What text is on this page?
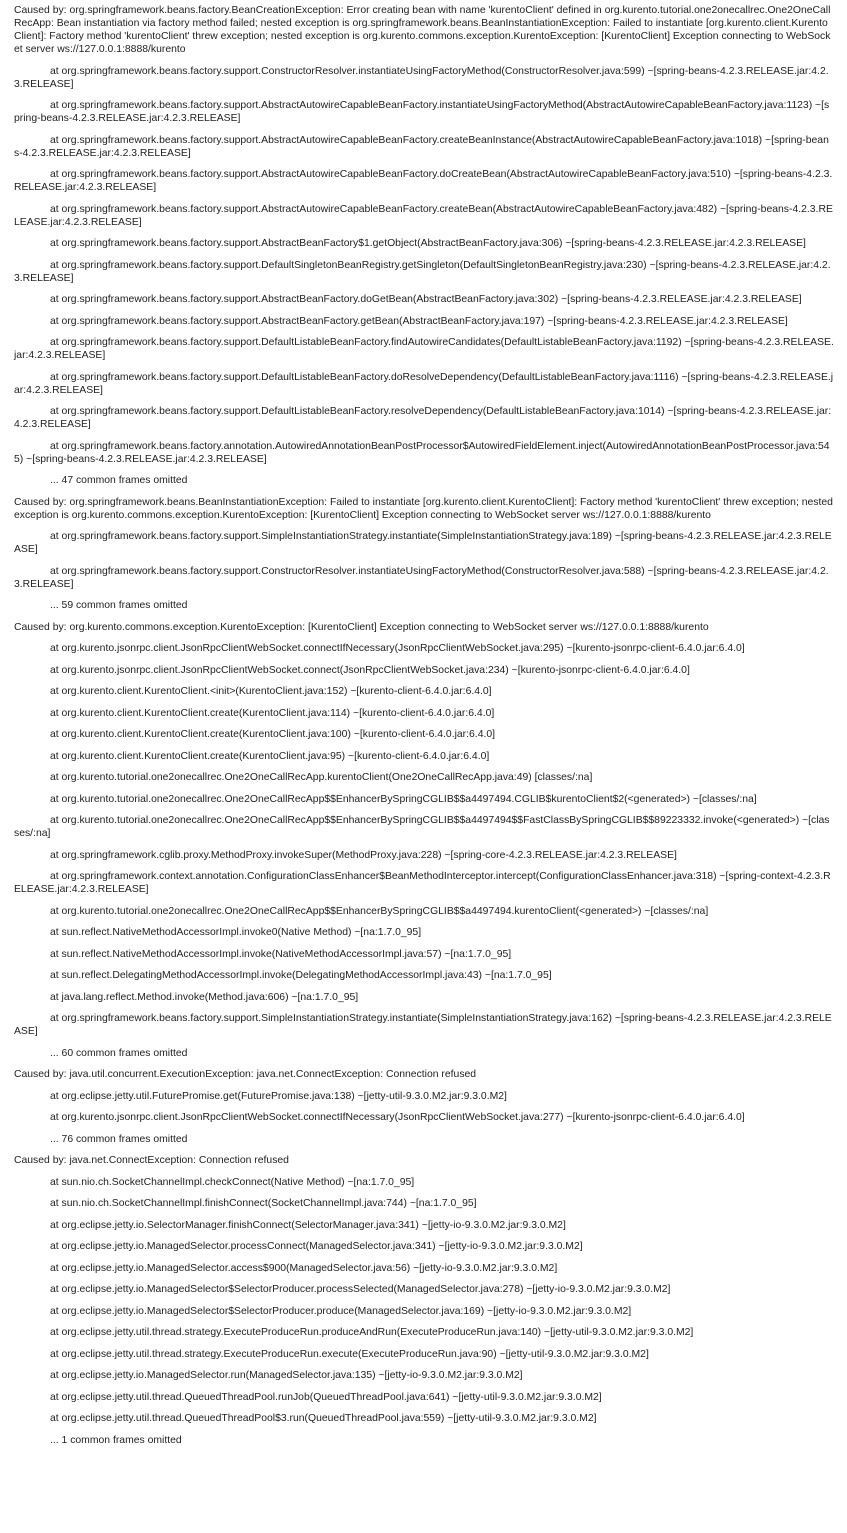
Caused by: org.springframework.beans.factory.BeanCreationException: Error creating bean with name 'kurentoClient' defined in org.kurento.tutorial.one2onecallrec.One2OneCallRecApp: Bean instantiation via factory method failed; nested exception is org.springframework.beans.BeanInstantiationException: Failed to instantiate [org.kurento.client.KurentoClient]: Factory method 'kurentoClient' threw exception; nested exception is org.kurento.commons.exception.KurentoException: [KurentoClient] Exception connecting to WebSocket server ws://127.0.0.1:8888/kurento

at org.springframework.beans.factory.support.ConstructorResolver.instantiateUsingFactoryMethod(ConstructorResolver.java:599) ~[spring-beans-4.2.3.RELEASE.jar:4.2.3.RELEASE]

at org.springframework.beans.factory.support.AbstractAutowireCapableBeanFactory.instantiateUsingFactoryMethod(AbstractAutowireCapableBeanFactory.java:1123) ~[spring-beans-4.2.3.RELEASE.jar:4.2.3.RELEASE]

at org.springframework.beans.factory.support.AbstractAutowireCapableBeanFactory.createBeanInstance(AbstractAutowireCapableBeanFactory.java:1018) ~[spring-beans-4.2.3.RELEASE.jar:4.2.3.RELEASE]

at org.springframework.beans.factory.support.AbstractAutowireCapableBeanFactory.doCreateBean(AbstractAutowireCapableBeanFactory.java:510) ~[spring-beans-4.2.3.RELEASE.jar:4.2.3.RELEASE]

at org.springframework.beans.factory.support.AbstractAutowireCapableBeanFactory.createBean(AbstractAutowireCapableBeanFactory.java:482) ~[spring-beans-4.2.3.RELEASE.jar:4.2.3.RELEASE]

at org.springframework.beans.factory.support.AbstractBeanFactory$1.getObject(AbstractBeanFactory.java:306) ~[spring-beans-4.2.3.RELEASE.jar:4.2.3.RELEASE]

at org.springframework.beans.factory.support.DefaultSingletonBeanRegistry.getSingleton(DefaultSingletonBeanRegistry.java:230) ~[spring-beans-4.2.3.RELEASE.jar:4.2.3.RELEASE]

at org.springframework.beans.factory.support.AbstractBeanFactory.doGetBean(AbstractBeanFactory.java:302) ~[spring-beans-4.2.3.RELEASE.jar:4.2.3.RELEASE]

at org.springframework.beans.factory.support.AbstractBeanFactory.getBean(AbstractBeanFactory.java:197) ~[spring-beans-4.2.3.RELEASE.jar:4.2.3.RELEASE]

at org.springframework.beans.factory.support.DefaultListableBeanFactory.findAutowireCandidates(DefaultListableBeanFactory.java:1192) ~[spring-beans-4.2.3.RELEASE.jar:4.2.3.RELEASE]

at org.springframework.beans.factory.support.DefaultListableBeanFactory.doResolveDependency(DefaultListableBeanFactory.java:1116) ~[spring-beans-4.2.3.RELEASE.jar:4.2.3.RELEASE]

at org.springframework.beans.factory.support.DefaultListableBeanFactory.resolveDependency(DefaultListableBeanFactory.java:1014) ~[spring-beans-4.2.3.RELEASE.jar:4.2.3.RELEASE]

at org.springframework.beans.factory.annotation.AutowiredAnnotationBeanPostProcessor$AutowiredFieldElement.inject(AutowiredAnnotationBeanPostProcessor.java:545) ~[spring-beans-4.2.3.RELEASE.jar:4.2.3.RELEASE]

... 47 common frames omitted

Caused by: org.springframework.beans.BeanInstantiationException: Failed to instantiate [org.kurento.client.KurentoClient]: Factory method 'kurentoClient' threw exception; nested exception is org.kurento.commons.exception.KurentoException: [KurentoClient] Exception connecting to WebSocket server ws://127.0.0.1:8888/kurento

at org.springframework.beans.factory.support.SimpleInstantiationStrategy.instantiate(SimpleInstantiationStrategy.java:189) ~[spring-beans-4.2.3.RELEASE.jar:4.2.3.RELEASE]

at org.springframework.beans.factory.support.ConstructorResolver.instantiateUsingFactoryMethod(ConstructorResolver.java:588) ~[spring-beans-4.2.3.RELEASE.jar:4.2.3.RELEASE]

... 59 common frames omitted

Caused by: org.kurento.commons.exception.KurentoException: [KurentoClient] Exception connecting to WebSocket server ws://127.0.0.1:8888/kurento

at org.kurento.jsonrpc.client.JsonRpcClientWebSocket.connectIfNecessary(JsonRpcClientWebSocket.java:295) ~[kurento-jsonrpc-client-6.4.0.jar:6.4.0]

at org.kurento.jsonrpc.client.JsonRpcClientWebSocket.connect(JsonRpcClientWebSocket.java:234) ~[kurento-jsonrpc-client-6.4.0.jar:6.4.0]

at org.kurento.client.KurentoClient.<init>(KurentoClient.java:152) ~[kurento-client-6.4.0.jar:6.4.0]

at org.kurento.client.KurentoClient.create(KurentoClient.java:114) ~[kurento-client-6.4.0.jar:6.4.0]

at org.kurento.client.KurentoClient.create(KurentoClient.java:100) ~[kurento-client-6.4.0.jar:6.4.0]

at org.kurento.client.KurentoClient.create(KurentoClient.java:95) ~[kurento-client-6.4.0.jar:6.4.0]

at org.kurento.tutorial.one2onecallrec.One2OneCallRecApp.kurentoClient(One2OneCallRecApp.java:49) [classes/:na]

at org.kurento.tutorial.one2onecallrec.One2OneCallRecApp$$EnhancerBySpringCGLIB$$a4497494.CGLIB$kurentoClient$2(<generated>) ~[classes/:na]

at org.kurento.tutorial.one2onecallrec.One2OneCallRecApp$$EnhancerBySpringCGLIB$$a4497494$$FastClassBySpringCGLIB$$89223332.invoke(<generated>) ~[classes/:na]

at org.springframework.cglib.proxy.MethodProxy.invokeSuper(MethodProxy.java:228) ~[spring-core-4.2.3.RELEASE.jar:4.2.3.RELEASE]

at org.springframework.context.annotation.ConfigurationClassEnhancer$BeanMethodInterceptor.intercept(ConfigurationClassEnhancer.java:318) ~[spring-context-4.2.3.RELEASE.jar:4.2.3.RELEASE]

at org.kurento.tutorial.one2onecallrec.One2OneCallRecApp$$EnhancerBySpringCGLIB$$a4497494.kurentoClient(<generated>) ~[classes/:na]

at sun.reflect.NativeMethodAccessorImpl.invoke0(Native Method) ~[na:1.7.0_95]

at sun.reflect.NativeMethodAccessorImpl.invoke(NativeMethodAccessorImpl.java:57) ~[na:1.7.0_95]

at sun.reflect.DelegatingMethodAccessorImpl.invoke(DelegatingMethodAccessorImpl.java:43) ~[na:1.7.0_95]

at java.lang.reflect.Method.invoke(Method.java:606) ~[na:1.7.0_95]

at org.springframework.beans.factory.support.SimpleInstantiationStrategy.instantiate(SimpleInstantiationStrategy.java:162) ~[spring-beans-4.2.3.RELEASE.jar:4.2.3.RELEASE]

... 60 common frames omitted

Caused by: java.util.concurrent.ExecutionException: java.net.ConnectException: Connection refused

at org.eclipse.jetty.util.FuturePromise.get(FuturePromise.java:138) ~[jetty-util-9.3.0.M2.jar:9.3.0.M2]

at org.kurento.jsonrpc.client.JsonRpcClientWebSocket.connectIfNecessary(JsonRpcClientWebSocket.java:277) ~[kurento-jsonrpc-client-6.4.0.jar:6.4.0]

... 76 common frames omitted

Caused by: java.net.ConnectException: Connection refused

at sun.nio.ch.SocketChannelImpl.checkConnect(Native Method) ~[na:1.7.0_95]

at sun.nio.ch.SocketChannelImpl.finishConnect(SocketChannelImpl.java:744) ~[na:1.7.0_95]

at org.eclipse.jetty.io.SelectorManager.finishConnect(SelectorManager.java:341) ~[jetty-io-9.3.0.M2.jar:9.3.0.M2]

at org.eclipse.jetty.io.ManagedSelector.processConnect(ManagedSelector.java:341) ~[jetty-io-9.3.0.M2.jar:9.3.0.M2]

at org.eclipse.jetty.io.ManagedSelector.access$900(ManagedSelector.java:56) ~[jetty-io-9.3.0.M2.jar:9.3.0.M2]

at org.eclipse.jetty.io.ManagedSelector$SelectorProducer.processSelected(ManagedSelector.java:278) ~[jetty-io-9.3.0.M2.jar:9.3.0.M2]

at org.eclipse.jetty.io.ManagedSelector$SelectorProducer.produce(ManagedSelector.java:169) ~[jetty-io-9.3.0.M2.jar:9.3.0.M2]

at org.eclipse.jetty.util.thread.strategy.ExecuteProduceRun.produceAndRun(ExecuteProduceRun.java:140) ~[jetty-util-9.3.0.M2.jar:9.3.0.M2]

at org.eclipse.jetty.util.thread.strategy.ExecuteProduceRun.execute(ExecuteProduceRun.java:90) ~[jetty-util-9.3.0.M2.jar:9.3.0.M2]

at org.eclipse.jetty.io.ManagedSelector.run(ManagedSelector.java:135) ~[jetty-io-9.3.0.M2.jar:9.3.0.M2]

at org.eclipse.jetty.util.thread.QueuedThreadPool.runJob(QueuedThreadPool.java:641) ~[jetty-util-9.3.0.M2.jar:9.3.0.M2]

at org.eclipse.jetty.util.thread.QueuedThreadPool$3.run(QueuedThreadPool.java:559) ~[jetty-util-9.3.0.M2.jar:9.3.0.M2]

... 1 common frames omitted
